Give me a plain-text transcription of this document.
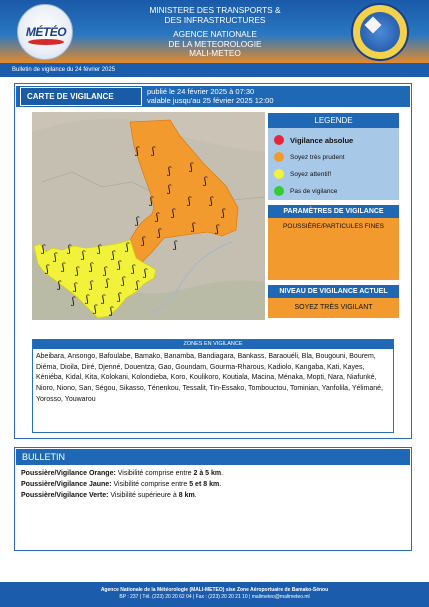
MÉTÉO
MINISTERE DES TRANSPORTS &
DES INFRASTRUCTURES
AGENCE NATIONALE
DE LA METEOROLOGIE
MALI-METEO
Bulletin de vigilance du 24 février 2025
CARTE DE VIGILANCE
publié le 24 février 2025 à 07:30
valable jusqu'au 25 février 2025 12:00
ʃ ʃ
ʃ ʃ
ʃ
ʃ
ʃ	ʃ ʃ
ʃ
ʃ
ʃ
ʃ
ʃ ʃ
ʃ
ʃ
ʃ
ʃ
ʃ
ʃ
ʃ
ʃ
ʃ
ʃ
ʃ ʃ ʃ ʃ ʃ
ʃ ʃ ʃ
ʃ ʃ ʃ ʃ ʃ ʃ
ʃ ʃ ʃ ʃ
ʃ ʃ
LEGENDE
Vigilance absolue
Soyez très prudent
Soyez attentif!
Pas de vigilance
PARAMÈTRES DE VIGILANCE
POUSSIÈRE/PARTICULES FINES
NIVEAU DE VIGILANCE ACTUEL
SOYEZ TRÈS VIGILANT
ZONES EN VIGILANCE
Abeibara, Ansongo, Bafoulabe, Bamako, Banamba, Bandiagara, Bankass, Baraouéli, Bla, Bougouni, Bourem, Diéma, Dioila, Diré, Djenné, Douentza, Gao, Goundam, Gourma-Rharous, Kadiolo, Kangaba, Kati, Kayes, Kéniéba, Kidal, Kita, Kolokani, Kolondieba, Koro, Koulikoro, Koutiala, Macina, Ménaka, Mopti, Nara, Niafunké, Nioro, Niono, San, Ségou, Sikasso, Ténenkou, Tessalit, Tin-Essako, Tombouctou, Tominian, Yanfolila, Yélimané, Yorosso, Youwarou
BULLETIN
Poussière/Vigilance Orange: Visibilité comprise entre 2 à 5 km.
Poussière/Vigilance Jaune: Visibilité comprise entre 5 et 8 km.
Poussière/Vigilance Verte: Visibilité supérieure à 8 km.
Agence Nationale de la Météorologie (MALI-METEO) sise Zone Aéroportuaire de Bamako-Sénou
BP : 237 | Tél. (223) 20 20 62 04 | Fax : (223) 20 20 21 10 | malimeteo@malimeteo.ml
